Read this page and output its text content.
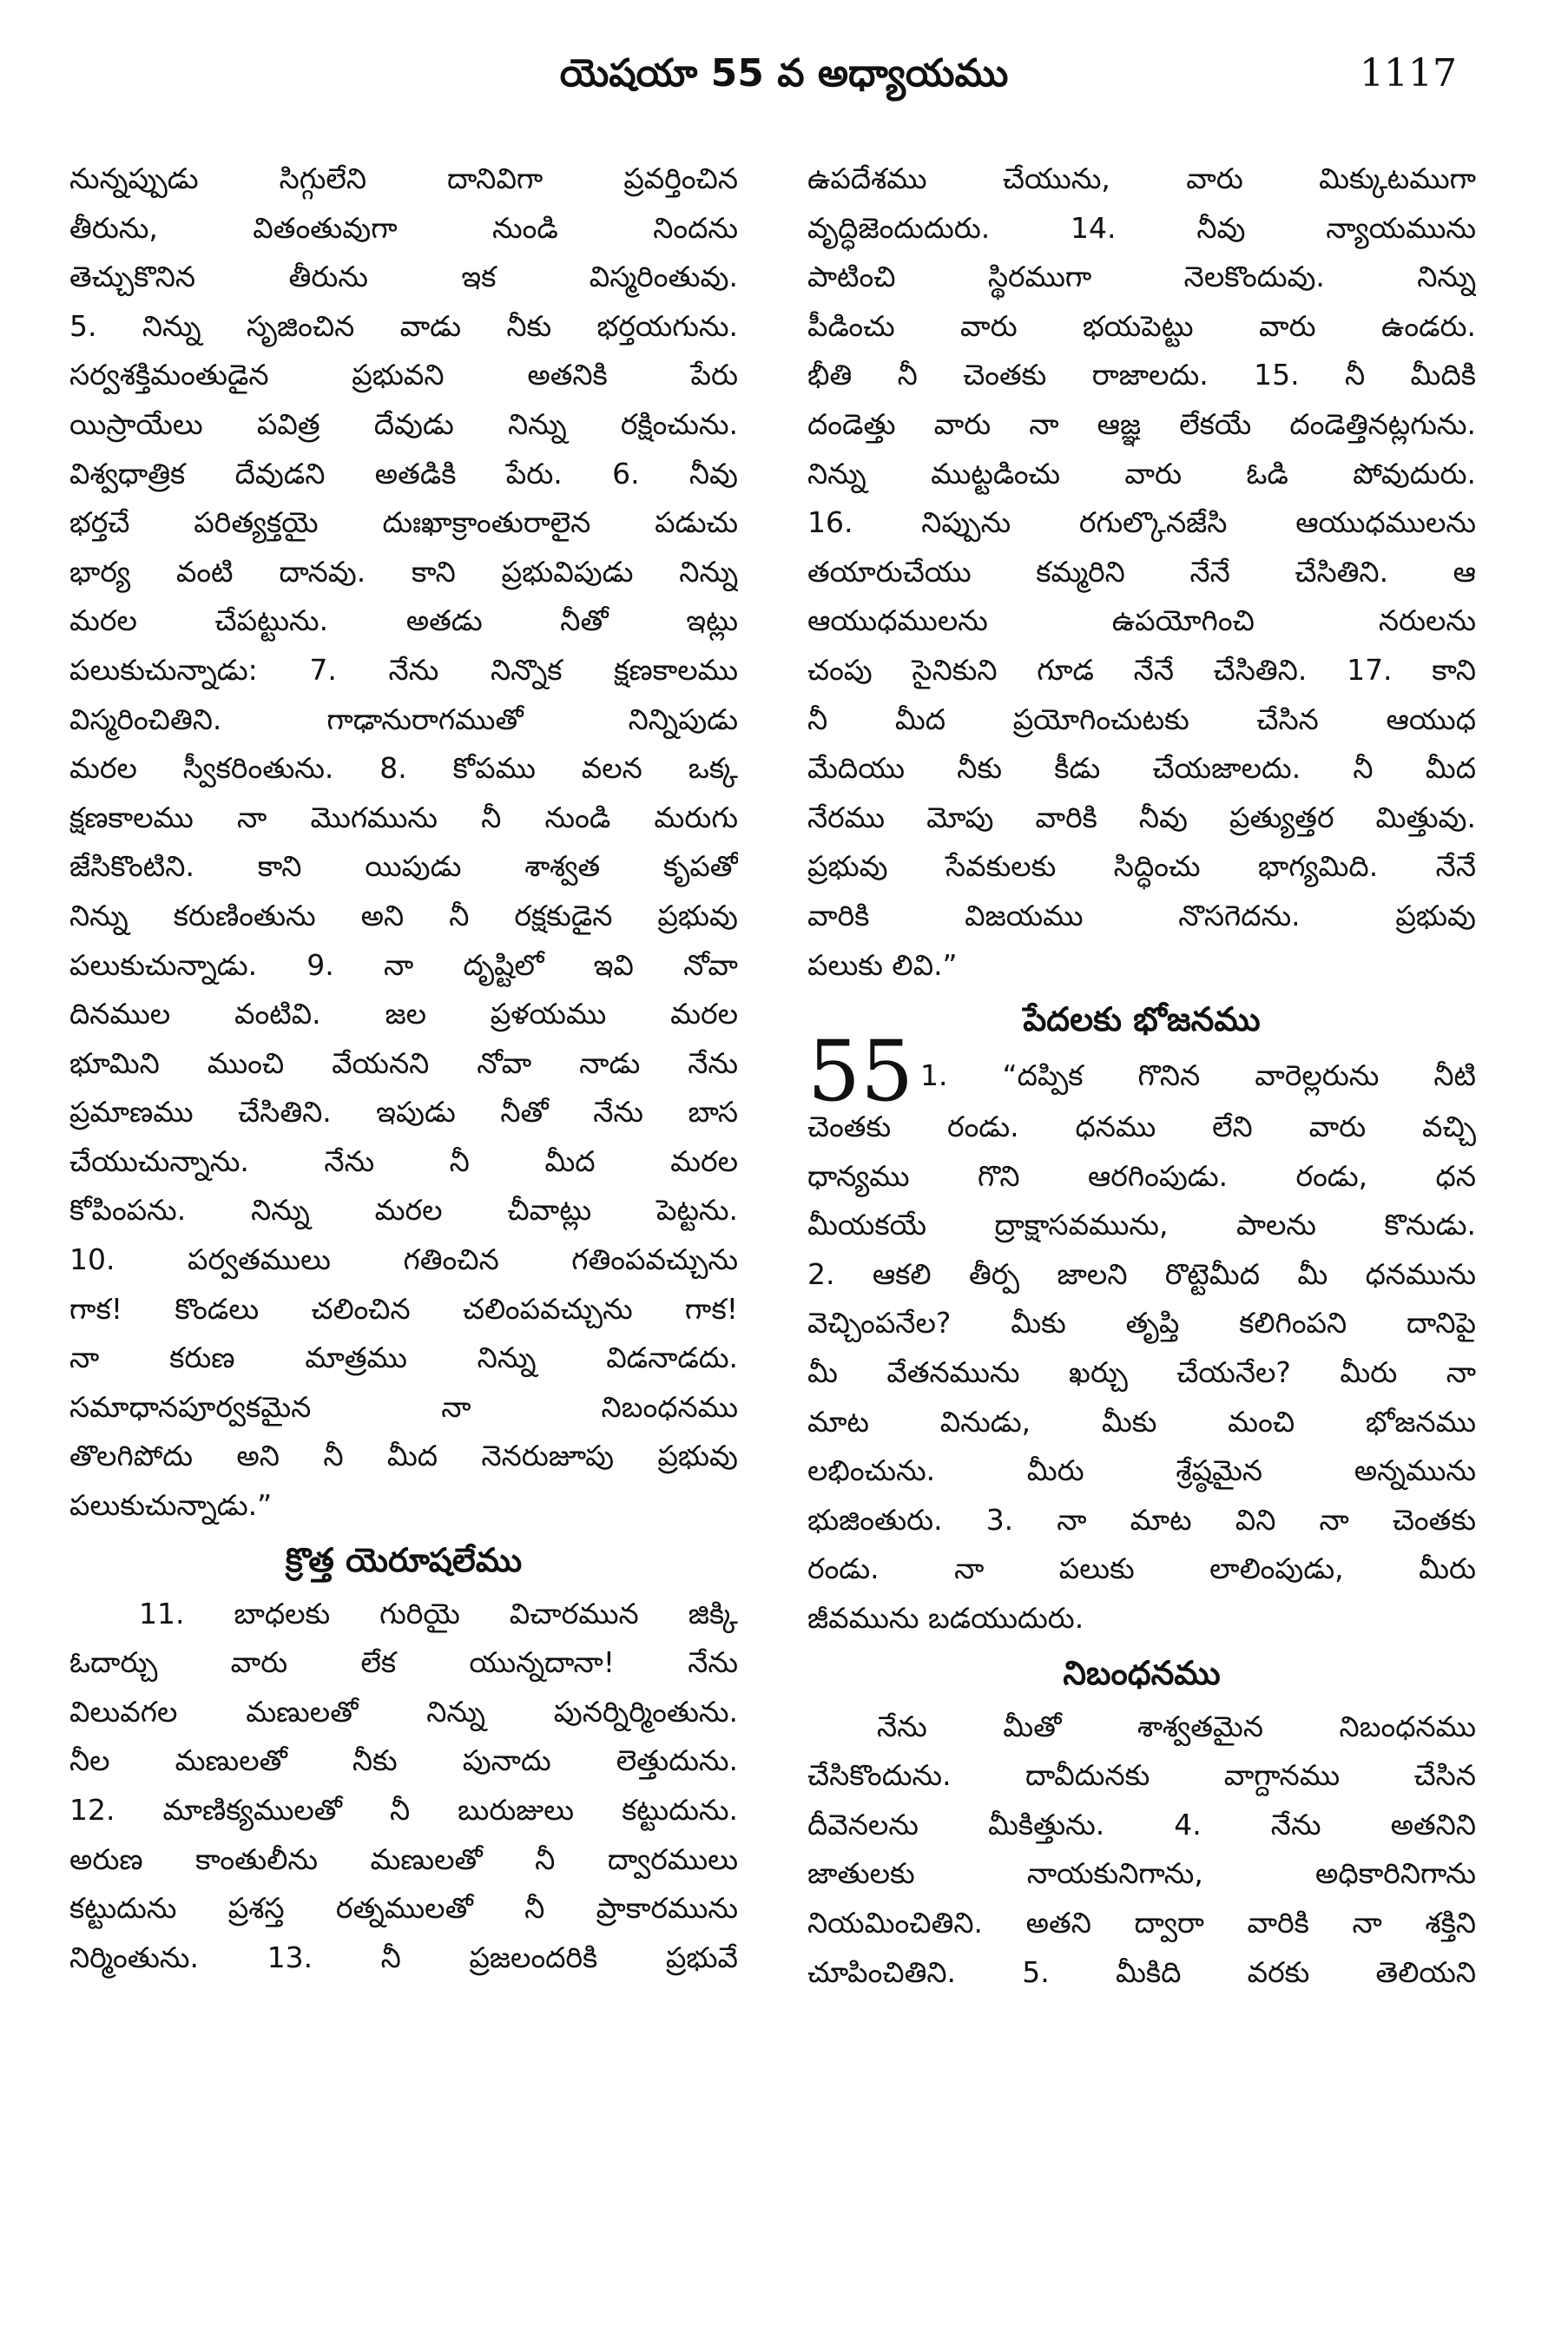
యెషయా 55 వ అధ్యాయము	1117
నున్నప్పుడు సిగ్గులేని దానివిగా ప్రవర్తించిన
తీరును, వితంతువుగా నుండి నిందను
తెచ్చుకొనిన తీరును ఇక విస్మరింతువు.
5. నిన్ను సృజించిన వాడు నీకు భర్తయగును.
సర్వశక్తిమంతుడైన ప్రభువని అతనికి పేరు
యిస్రాయేలు పవిత్ర దేవుడు నిన్ను రక్షించును.
విశ్వధాత్రిక దేవుడని అతడికి పేరు. 6. నీవు
భర్తచే పరిత్యక్తయై దుఃఖాక్రాంతురాలైన పడుచు
భార్య వంటి దానవు. కాని ప్రభువిపుడు నిన్ను
మరల చేపట్టును. అతడు నీతో ఇట్లు
పలుకుచున్నాడు: 7. నేను నిన్నొక క్షణకాలము
విస్మరించితిని. గాఢానురాగముతో నిన్నిపుడు
మరల స్వీకరింతును. 8. కోపము వలన ఒక్క
క్షణకాలము నా మొగమును నీ నుండి మరుగు
జేసికొంటిని. కాని యిపుడు శాశ్వత కృపతో
నిన్ను కరుణింతును అని నీ రక్షకుడైన ప్రభువు
పలుకుచున్నాడు. 9. నా దృష్టిలో ఇవి నోవా
దినముల వంటివి. జల ప్రళయము మరల
భూమిని ముంచి వేయనని నోవా నాడు నేను
ప్రమాణము చేసితిని. ఇపుడు నీతో నేను బాస
చేయుచున్నాను. నేను నీ మీద మరల
కోపింపను. నిన్ను మరల చీవాట్లు పెట్టను.
10. పర్వతములు గతించిన గతింపవచ్చును
గాక! కొండలు చలించిన చలింపవచ్చును గాక!
నా కరుణ మాత్రము నిన్ను విడనాడదు.
సమాధానపూర్వకమైన నా నిబంధనము
తొలగిపోదు అని నీ మీద నెనరుజూపు ప్రభువు
పలుకుచున్నాడు.”
క్రొత్త యెరూషలేము
11. బాధలకు గురియై విచారమున జిక్కి
ఓదార్చు వారు లేక యున్నదానా! నేను
విలువగల మణులతో నిన్ను పునర్నిర్మింతును.
నీల మణులతో నీకు పునాదు లెత్తుదును.
12. మాణిక్యములతో నీ బురుజులు కట్టుదును.
అరుణ కాంతులీను మణులతో నీ ద్వారములు
కట్టుదును ప్రశస్త రత్నములతో నీ ప్రాకారమును
నిర్మింతును. 13. నీ ప్రజలందరికి ప్రభువే
ఉపదేశము చేయును, వారు మిక్కుటముగా
వృద్ధిజెందుదురు. 14. నీవు న్యాయమును
పాటించి స్థిరముగా నెలకొందువు. నిన్ను
పీడించు వారు భయపెట్టు వారు ఉండరు.
భీతి నీ చెంతకు రాజాలదు. 15. నీ మీదికి
దండెత్తు వారు నా ఆజ్ఞ లేకయే దండెత్తినట్లగును.
నిన్ను ముట్టడించు వారు ఓడి పోవుదురు.
16. నిప్పును రగుల్కొనజేసి ఆయుధములను
తయారుచేయు కమ్మరిని నేనే చేసితిని. ఆ
ఆయుధములను ఉపయోగించి నరులను
చంపు సైనికుని గూడ నేనే చేసితిని. 17. కాని
నీ మీద ప్రయోగించుటకు చేసిన ఆయుధ
మేదియు నీకు కీడు చేయజాలదు. నీ మీద
నేరము మోపు వారికి నీవు ప్రత్యుత్తర మిత్తువు.
ప్రభువు సేవకులకు సిద్ధించు భాగ్యమిది. నేనే
వారికి విజయము నొసగెదను. ప్రభువు
పలుకు లివి.”
పేదలకు భోజనము
55 1. “దప్పిక గొనిన వారెల్లరును నీటి
చెంతకు రండు. ధనము లేని వారు వచ్చి
ధాన్యము గొని ఆరగింపుడు. రండు, ధన
మీయకయే ద్రాక్షాసవమును, పాలను కొనుడు.
2. ఆకలి తీర్ప జాలని రొట్టెమీద మీ ధనమును
వెచ్చింపనేల? మీకు తృప్తి కలిగింపని దానిపై
మీ వేతనమును ఖర్చు చేయనేల? మీరు నా
మాట వినుడు, మీకు మంచి భోజనము
లభించును. మీరు శ్రేష్ఠమైన అన్నమును
భుజింతురు. 3. నా మాట విని నా చెంతకు
రండు. నా పలుకు లాలింపుడు, మీరు
జీవమును బడయుదురు.
నిబంధనము
నేను మీతో శాశ్వతమైన నిబంధనము
చేసికొందును. దావీదునకు వాగ్దానము చేసిన
దీవెనలను మీకిత్తును. 4. నేను అతనిని
జాతులకు నాయకునిగాను, అధికారినిగాను
నియమించితిని. అతని ద్వారా వారికి నా శక్తిని
చూపించితిని. 5. మీకిది వరకు తెలియని
